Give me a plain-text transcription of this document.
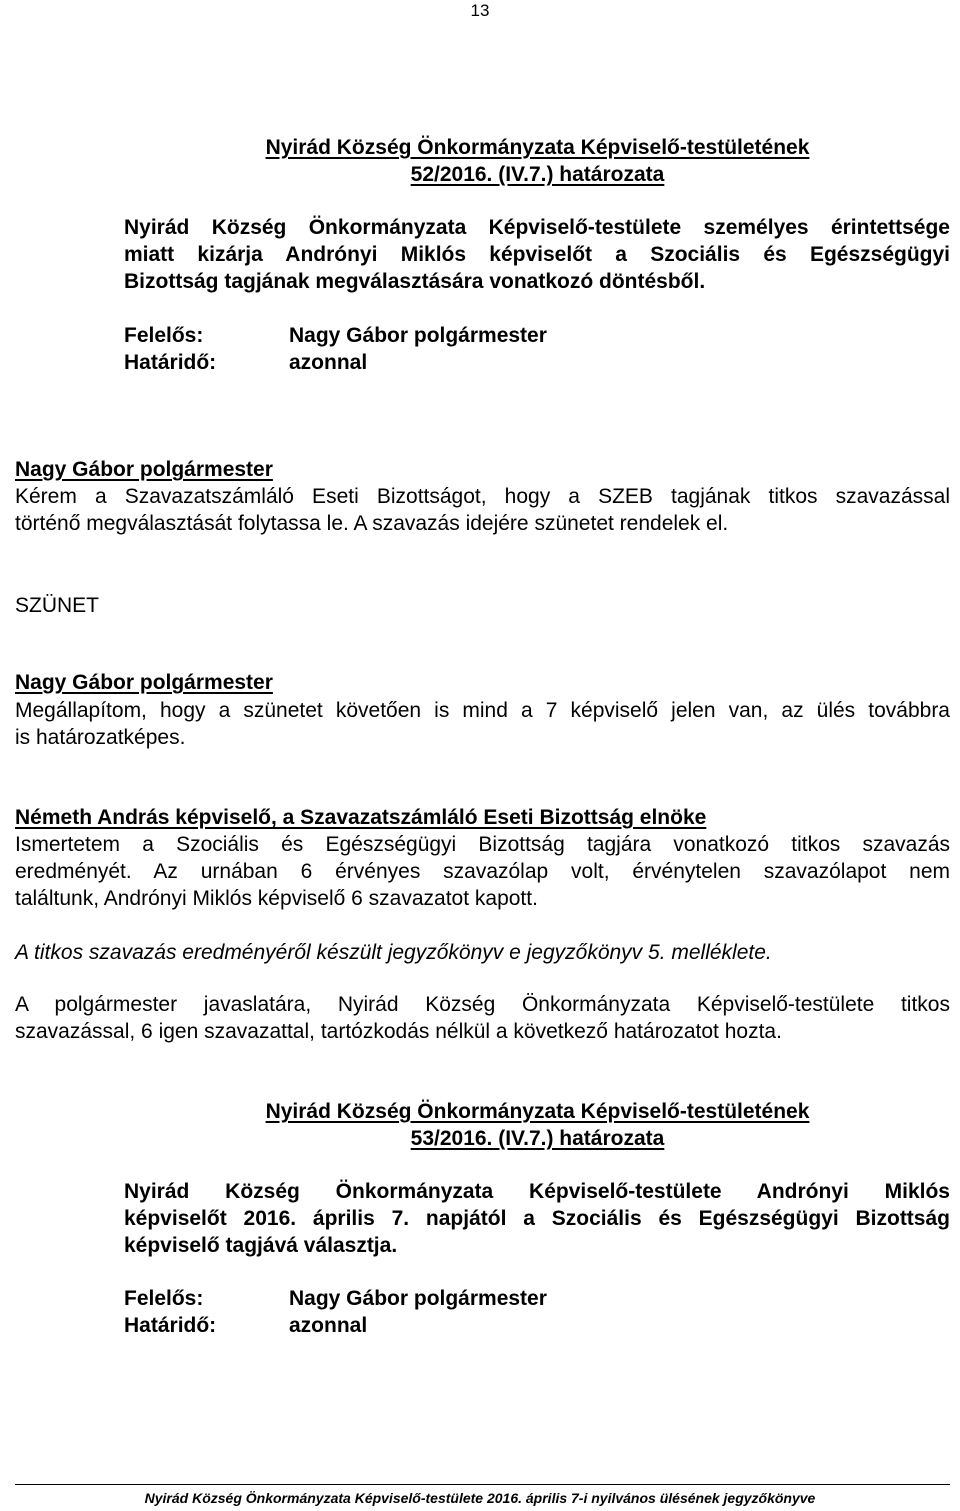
13
Nyirád Község Önkormányzata Képviselő-testületének
52/2016. (IV.7.) határozata
Nyirád Község Önkormányzata Képviselő-testülete személyes érintettsége
miatt kizárja Andrónyi Miklós képviselőt a Szociális és Egészségügyi
Bizottság tagjának megválasztására vonatkozó döntésből.
Felelős:	Nagy Gábor polgármester
Határidő:	azonnal
Nagy Gábor polgármester
Kérem a Szavazatszámláló Eseti Bizottságot, hogy a SZEB tagjának titkos szavazással
történő megválasztását folytassa le. A szavazás idejére szünetet rendelek el.
SZÜNET
Nagy Gábor polgármester
Megállapítom, hogy a szünetet követően is mind a 7 képviselő jelen van, az ülés továbbra
is határozatképes.
Németh András képviselő, a Szavazatszámláló Eseti Bizottság elnöke
Ismertetem a Szociális és Egészségügyi Bizottság tagjára vonatkozó titkos szavazás
eredményét. Az urnában 6 érvényes szavazólap volt, érvénytelen szavazólapot nem
találtunk, Andrónyi Miklós képviselő 6 szavazatot kapott.
A titkos szavazás eredményéről készült jegyzőkönyv e jegyzőkönyv 5. melléklete.
A polgármester javaslatára, Nyirád Község Önkormányzata Képviselő-testülete titkos
szavazással, 6 igen szavazattal, tartózkodás nélkül a következő határozatot hozta.
Nyirád Község Önkormányzata Képviselő-testületének
53/2016. (IV.7.) határozata
Nyirád Község Önkormányzata Képviselő-testülete Andrónyi Miklós
képviselőt 2016. április 7. napjától a Szociális és Egészségügyi Bizottság
képviselő tagjává választja.
Felelős:	Nagy Gábor polgármester
Határidő:	azonnal
Nyirád Község Önkormányzata Képviselő-testülete 2016. április 7-i nyilvános ülésének jegyzőkönyve
